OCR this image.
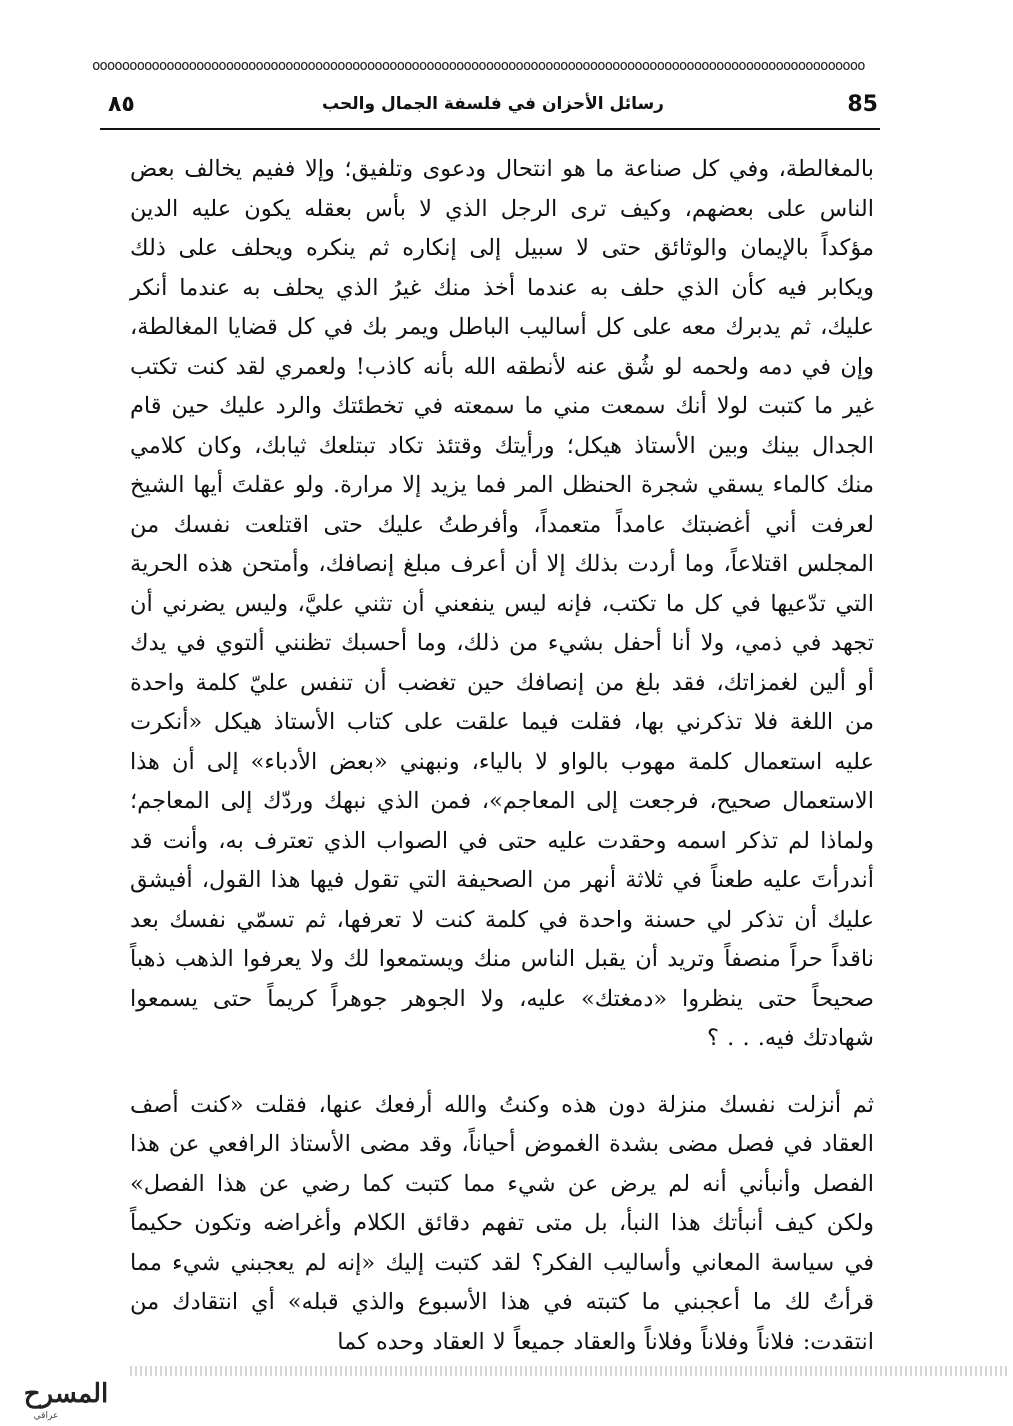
oooooooooooooooooooooooooooooooooooooooooooooooooooooooooooooooooooooooooooooooooooooooooooooooooooooooo
٨٥	رسائل الأحزان في فلسفة الجمال والحب	85

بالمغالطة، وفي كل صناعة ما هو انتحال ودعوى وتلفيق؛ وإلا ففيم يخالف بعض الناس على بعضهم، وكيف ترى الرجل الذي لا بأس بعقله يكون عليه الدين مؤكداً بالإيمان والوثائق حتى لا سبيل إلى إنكاره ثم ينكره ويحلف على ذلك ويكابر فيه كأن الذي حلف به عندما أخذ منك غيرُ الذي يحلف به عندما أنكر عليك، ثم يدبرك معه على كل أساليب الباطل ويمر بك في كل قضايا المغالطة، وإن في دمه ولحمه لو شُق عنه لأنطقه الله بأنه كاذب! ولعمري لقد كنت تكتب غير ما كتبت لولا أنك سمعت مني ما سمعته في تخطئتك والرد عليك حين قام الجدال بينك وبين الأستاذ هيكل؛ ورأيتك وقتئذ تكاد تبتلعك ثيابك، وكان كلامي منك كالماء يسقي شجرة الحنظل المر فما يزيد إلا مرارة. ولو عقلتَ أيها الشيخ لعرفت أني أغضبتك عامداً متعمداً، وأفرطتُ عليك حتى اقتلعت نفسك من المجلس اقتلاعاً، وما أردت بذلك إلا أن أعرف مبلغ إنصافك، وأمتحن هذه الحرية التي تدّعيها في كل ما تكتب، فإنه ليس ينفعني أن تثني عليَّ، وليس يضرني أن تجهد في ذمي، ولا أنا أحفل بشيء من ذلك، وما أحسبك تظنني ألتوي في يدك أو ألين لغمزاتك، فقد بلغ من إنصافك حين تغضب أن تنفس عليّ كلمة واحدة من اللغة فلا تذكرني بها، فقلت فيما علقت على كتاب الأستاذ هيكل «أنكرت عليه استعمال كلمة مهوب بالواو لا بالياء، ونبهني «بعض الأدباء» إلى أن هذا الاستعمال صحيح، فرجعت إلى المعاجم»، فمن الذي نبهك وردّك إلى المعاجم؛ ولماذا لم تذكر اسمه وحقدت عليه حتى في الصواب الذي تعترف به، وأنت قد أندرأتَ عليه طعناً في ثلاثة أنهر من الصحيفة التي تقول فيها هذا القول، أفيشق عليك أن تذكر لي حسنة واحدة في كلمة كنت لا تعرفها، ثم تسمّي نفسك بعد ناقداً حراً منصفاً وتريد أن يقبل الناس منك ويستمعوا لك ولا يعرفوا الذهب ذهباً صحيحاً حتى ينظروا «دمغتك» عليه، ولا الجوهر جوهراً كريماً حتى يسمعوا شهادتك فيه. . . ؟

ثم أنزلت نفسك منزلة دون هذه وكنتُ والله أرفعك عنها، فقلت «كنت أصف العقاد في فصل مضى بشدة الغموض أحياناً، وقد مضى الأستاذ الرافعي عن هذا الفصل وأنبأني أنه لم يرض عن شيء مما كتبت كما رضي عن هذا الفصل» ولكن كيف أنبأتك هذا النبأ، بل متى تفهم دقائق الكلام وأغراضه وتكون حكيماً في سياسة المعاني وأساليب الفكر؟ لقد كتبت إليك «إنه لم يعجبني شيء مما قرأتُ لك ما أعجبني ما كتبته في هذا الأسبوع والذي قبله» أي انتقادك من انتقدت: فلاناً وفلاناً وفلاناً والعقاد جميعاً لا العقاد وحده كما

المسرح
عراقي
